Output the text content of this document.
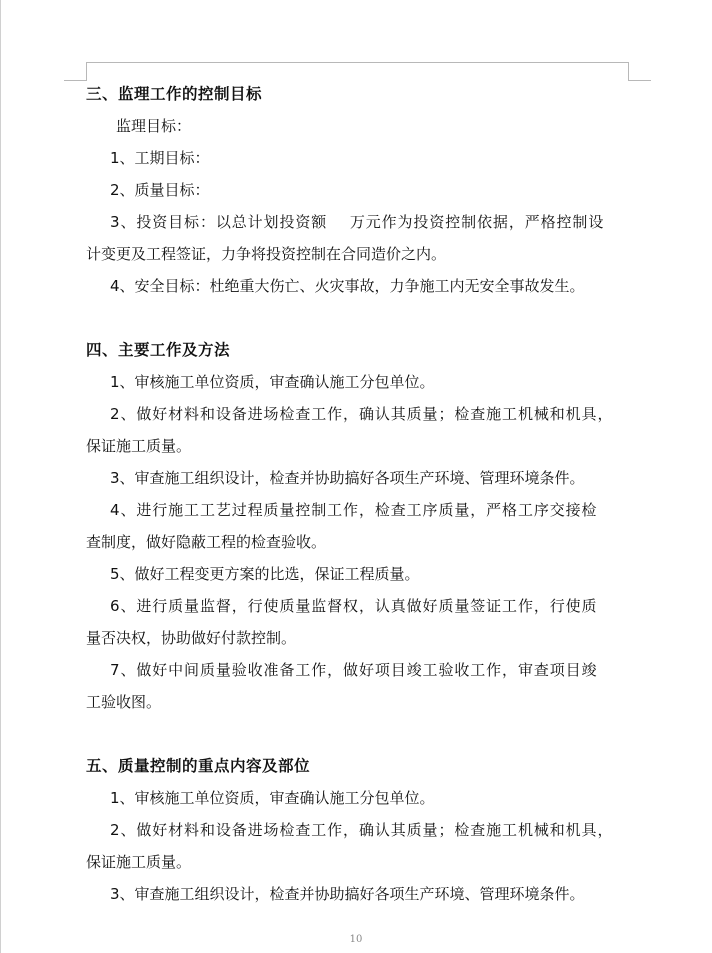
三、监理工作的控制目标

监理目标：

1、工期目标：

2、质量目标：

3、投资目标：以总计划投资额    万元作为投资控制依据，严格控制设

计变更及工程签证，力争将投资控制在合同造价之内。

4、安全目标：杜绝重大伤亡、火灾事故，力争施工内无安全事故发生。

四、主要工作及方法

1、审核施工单位资质，审查确认施工分包单位。

2、做好材料和设备进场检查工作，确认其质量；检查施工机械和机具，

保证施工质量。

3、审查施工组织设计，检查并协助搞好各项生产环境、管理环境条件。

4、进行施工工艺过程质量控制工作，检查工序质量，严格工序交接检

查制度，做好隐蔽工程的检查验收。

5、做好工程变更方案的比选，保证工程质量。

6、进行质量监督，行使质量监督权，认真做好质量签证工作，行使质

量否决权，协助做好付款控制。

7、做好中间质量验收准备工作，做好项目竣工验收工作，审查项目竣

工验收图。

五、质量控制的重点内容及部位

1、审核施工单位资质，审查确认施工分包单位。

2、做好材料和设备进场检查工作，确认其质量；检查施工机械和机具，

保证施工质量。

3、审查施工组织设计，检查并协助搞好各项生产环境、管理环境条件。

10
